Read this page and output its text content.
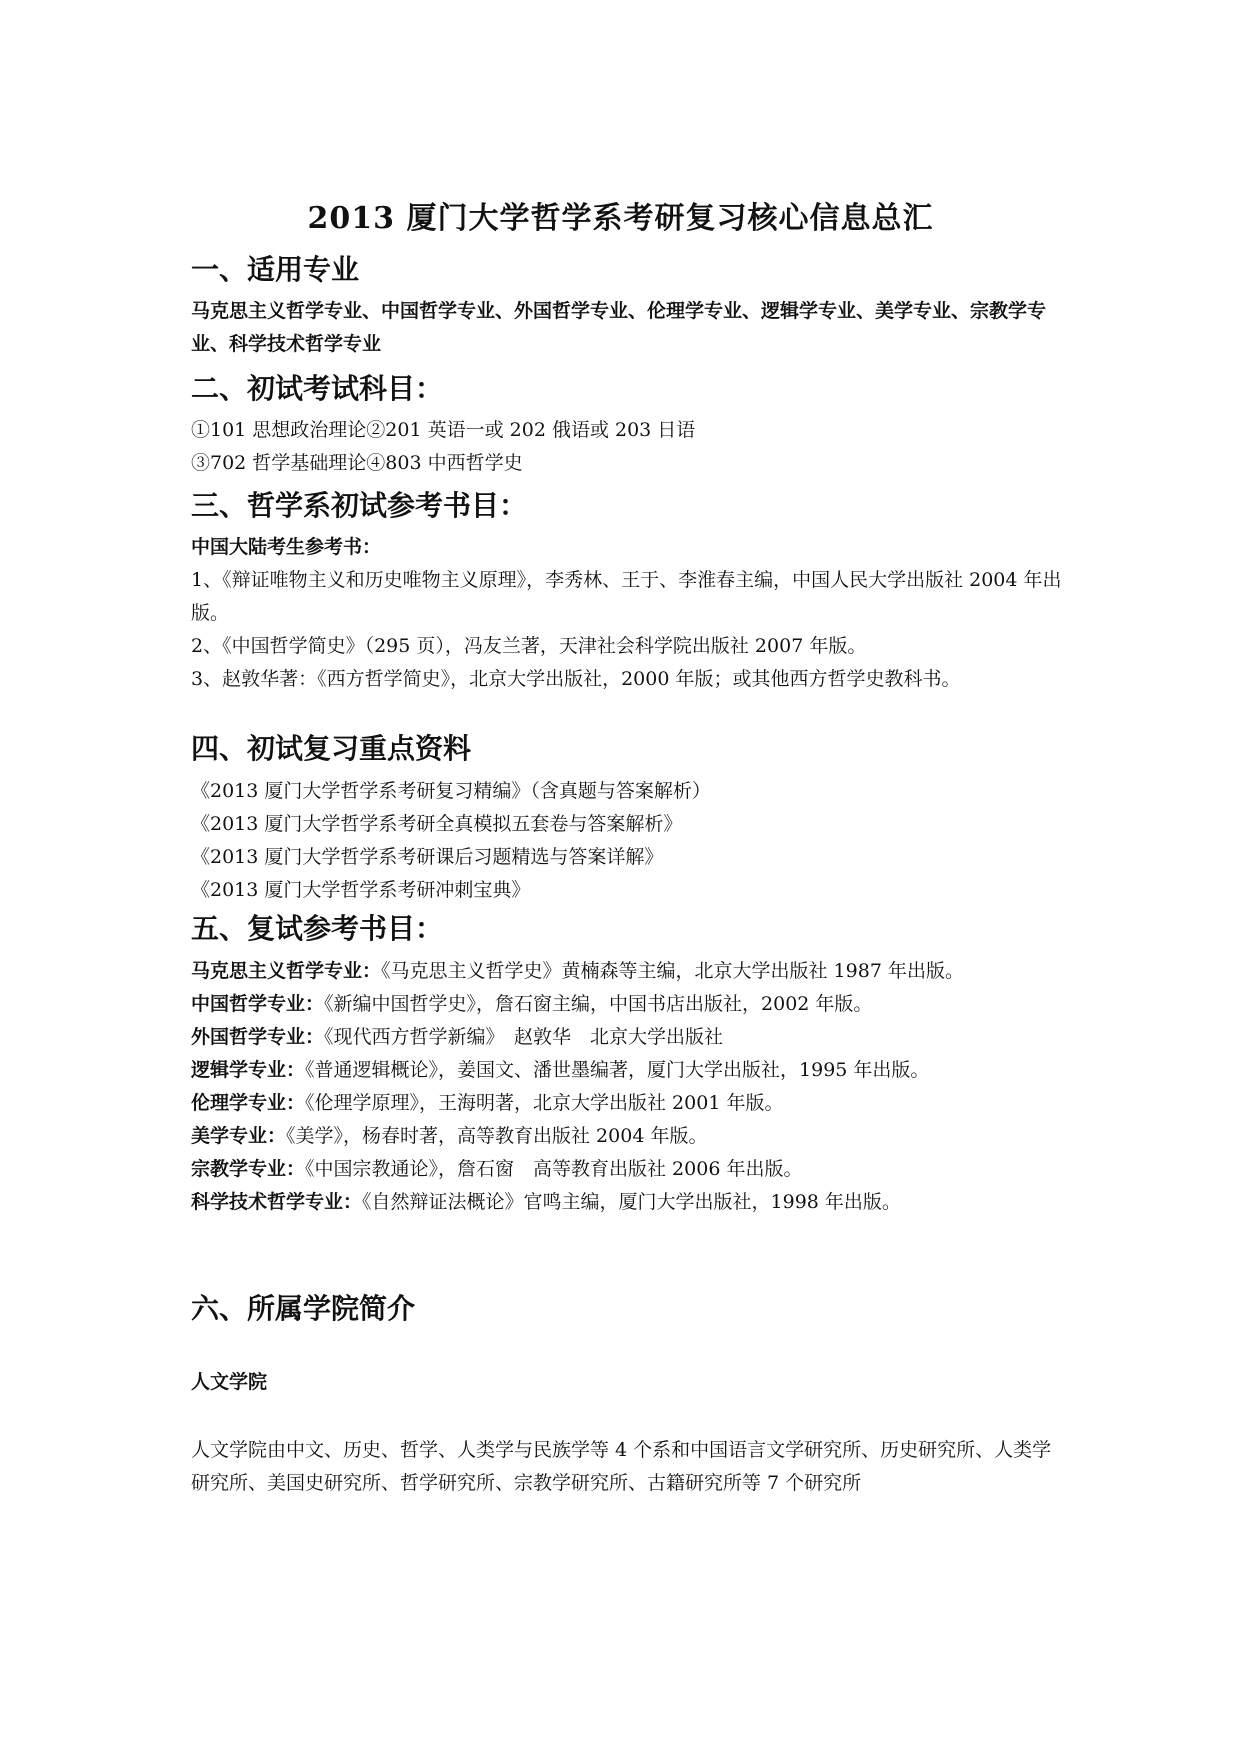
2013 厦门大学哲学系考研复习核心信息总汇
一、适用专业
马克思主义哲学专业、中国哲学专业、外国哲学专业、伦理学专业、逻辑学专业、美学专业、宗教学专业、科学技术哲学专业
二、初试考试科目：
①101 思想政治理论②201 英语一或 202 俄语或 203 日语
③702 哲学基础理论④803 中西哲学史
三、哲学系初试参考书目：
中国大陆考生参考书：
1、《辩证唯物主义和历史唯物主义原理》，李秀林、王于、李淮春主编，中国人民大学出版社 2004 年出版。
2、《中国哲学简史》（295 页），冯友兰著，天津社会科学院出版社 2007 年版。
3、赵敦华著：《西方哲学简史》，北京大学出版社，2000 年版；或其他西方哲学史教科书。
四、初试复习重点资料
《2013 厦门大学哲学系考研复习精编》（含真题与答案解析）
《2013 厦门大学哲学系考研全真模拟五套卷与答案解析》
《2013 厦门大学哲学系考研课后习题精选与答案详解》
《2013 厦门大学哲学系考研冲刺宝典》
五、复试参考书目：
马克思主义哲学专业：《马克思主义哲学史》黄楠森等主编，北京大学出版社 1987 年出版。
中国哲学专业：《新编中国哲学史》，詹石窗主编，中国书店出版社，2002 年版。
外国哲学专业：《现代西方哲学新编》　赵敦华　北京大学出版社
逻辑学专业：《普通逻辑概论》，姜国文、潘世墨编著，厦门大学出版社，1995 年出版。
伦理学专业：《伦理学原理》，王海明著，北京大学出版社 2001 年版。
美学专业：《美学》，杨春时著，高等教育出版社 2004 年版。
宗教学专业：《中国宗教通论》，詹石窗　高等教育出版社 2006 年出版。
科学技术哲学专业：《自然辩证法概论》官鸣主编，厦门大学出版社，1998 年出版。
六、所属学院简介
人文学院
人文学院由中文、历史、哲学、人类学与民族学等 4 个系和中国语言文学研究所、历史研究所、人类学研究所、美国史研究所、哲学研究所、宗教学研究所、古籍研究所等 7 个研究所
